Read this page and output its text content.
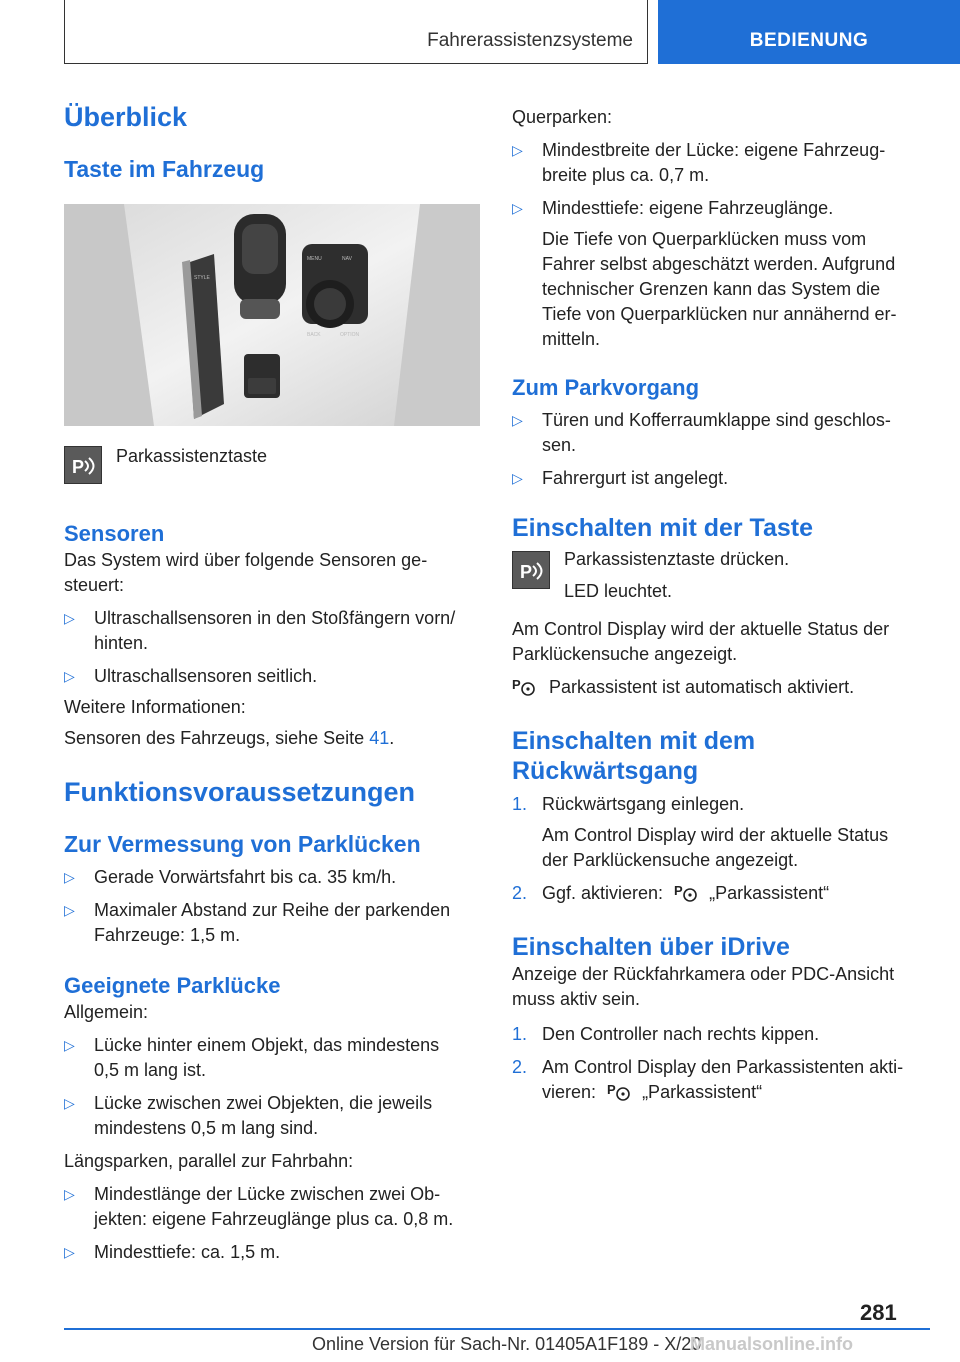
Fahrerassistenzsysteme	BEDIENUNG
Überblick
Taste im Fahrzeug
STYLE
MENU	NAV
BACK	OPTION
P

Parkassistenztaste

Sensoren

Das System wird über folgende Sensoren ge-

steuert:

▷ Ultraschallsensoren in den Stoßfängern vorn/
hinten.
▷ Ultraschallsensoren seitlich.

Weitere Informationen:

Sensoren des Fahrzeugs, siehe Seite 41.

Funktionsvoraussetzungen
Zur Vermessung von Parklücken
▷ Gerade Vorwärtsfahrt bis ca. 35 km/h.
▷ Maximaler Abstand zur Reihe der parkenden
Fahrzeuge: 1,5 m.
Geeignete Parklücke

Allgemein:

▷ Lücke hinter einem Objekt, das mindestens
0,5 m lang ist.
▷ Lücke zwischen zwei Objekten, die jeweils
mindestens 0,5 m lang sind.

Längsparken, parallel zur Fahrbahn:

▷ Mindestlänge der Lücke zwischen zwei Ob-
jekten: eigene Fahrzeuglänge plus ca. 0,8 m.
▷ Mindesttiefe: ca. 1,5 m.

Querparken:

▷ Mindestbreite der Lücke: eigene Fahrzeug-
breite plus ca. 0,7 m.
▷ Mindesttiefe: eigene Fahrzeuglänge.
Die Tiefe von Querparklücken muss vom
Fahrer selbst abgeschätzt werden. Aufgrund
technischer Grenzen kann das System die
Tiefe von Querparklücken nur annähernd er-
mitteln.
Zum Parkvorgang
▷ Türen und Kofferraumklappe sind geschlos-
sen.
▷ Fahrergurt ist angelegt.
Einschalten mit der Taste
P

Parkassistenztaste drücken.

LED leuchtet.

Am Control Display wird der aktuelle Status der

Parklückensuche angezeigt.

P Parkassistent ist automatisch aktiviert.

Einschalten mit dem
Rückwärtsgang
1. Rückwärtsgang einlegen.
Am Control Display wird der aktuelle Status
der Parklückensuche angezeigt.
2. Ggf. aktivieren: P „Parkassistent“
Einschalten über iDrive

Anzeige der Rückfahrkamera oder PDC-Ansicht

muss aktiv sein.

1. Den Controller nach rechts kippen.
2. Am Control Display den Parkassistenten akti-
vieren: P „Parkassistent“
281
Online Version für Sach-Nr. 01405A1F189 - X/20
Manualsonline.info
